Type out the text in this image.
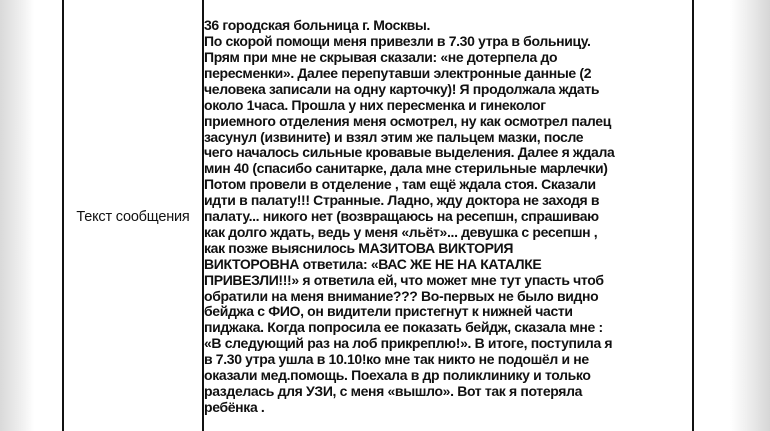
Текст сообщения	

36 городская больница г. Москвы.
По скорой помощи меня привезли в 7.30 утра в больницу.
Прям при мне не скрывая сказали: «не дотерпела до
пересменки». Далее перепутавши электронные данные (2
человека записали на одну карточку)! Я продолжала ждать
около 1часа. Прошла у них пересменка и гинеколог
приемного отделения меня осмотрел, ну как осмотрел палец
засунул (извините) и взял этим же пальцем мазки, после
чего началось сильные кровавые выделения. Далее я ждала
мин 40 (спасибо санитарке, дала мне стерильные марлечки)
Потом провели в отделение , там ещё ждала стоя. Сказали
идти в палату!!! Странные. Ладно, жду доктора не заходя в
палату... никого нет (возвращаюсь на ресепшн, спрашиваю
как долго ждать, ведь у меня «льёт»... девушка с ресепшн ,
как позже выяснилось МАЗИТОВА ВИКТОРИЯ
ВИКТОРОВНА ответила: «ВАС ЖЕ НЕ НА КАТАЛКЕ
ПРИВЕЗЛИ!!!» я ответила ей, что может мне тут упасть чтоб
обратили на меня внимание??? Во-первых не было видно
бейджа с ФИО, он видители пристегнут к нижней части
пиджака. Когда попросила ее показать бейдж, сказала мне :
«В следующий раз на лоб прикреплю!». В итоге, поступила я
в 7.30 утра ушла в 10.10!ко мне так никто не подошёл и не
оказали мед.помощь. Поехала в др поликлинику и только
разделась для УЗИ, с меня «вышло». Вот так я потеряла
ребёнка .
